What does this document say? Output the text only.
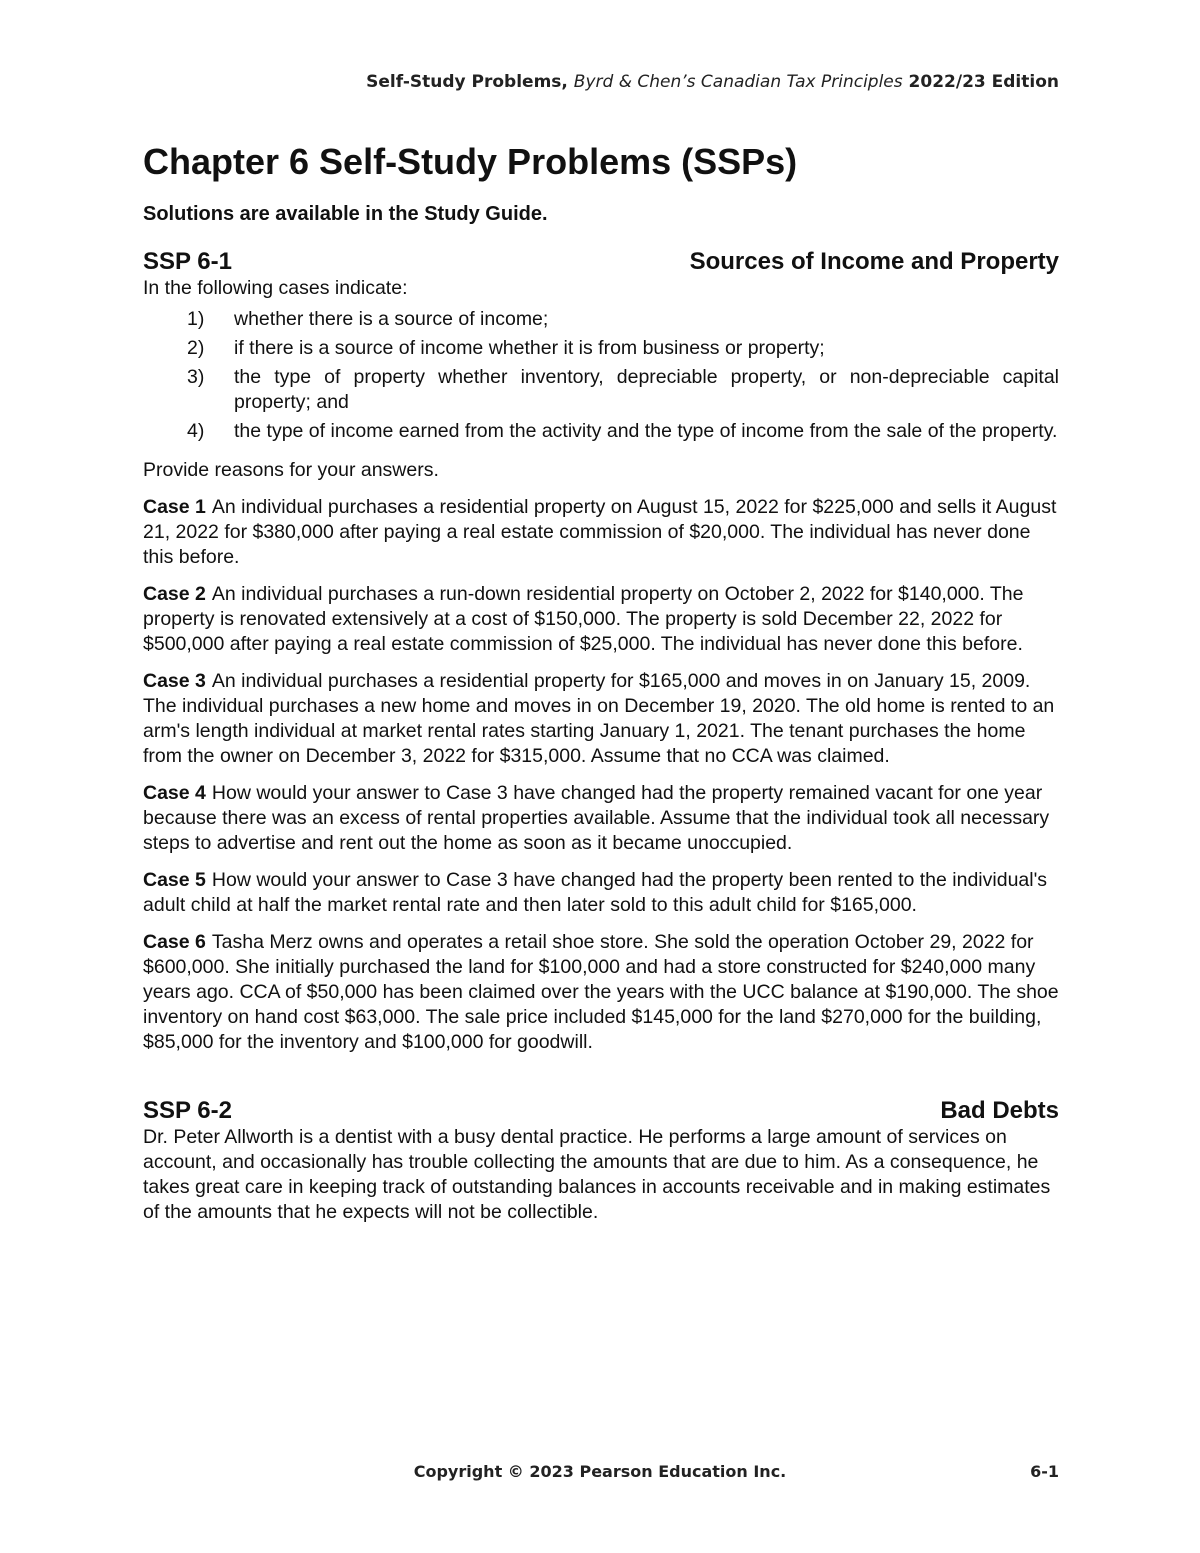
Self-Study Problems, Byrd & Chen’s Canadian Tax Principles 2022/23 Edition
Chapter 6 Self-Study Problems (SSPs)

Solutions are available in the Study Guide.

SSP 6-1	Sources of Income and Property

In the following cases indicate:

1)	whether there is a source of income;
2)	if there is a source of income whether it is from business or property;
3)	the type of property whether inventory, depreciable property, or non-depreciable capital property; and
4)	the type of income earned from the activity and the type of income from the sale of the property.

Provide reasons for your answers.

Case 1 An individual purchases a residential property on August 15, 2022 for $225,000 and sells it August 21, 2022 for $380,000 after paying a real estate commission of $20,000. The individual has never done this before.

Case 2 An individual purchases a run-down residential property on October 2, 2022 for $140,000. The property is renovated extensively at a cost of $150,000. The property is sold December 22, 2022 for $500,000 after paying a real estate commission of $25,000. The individual has never done this before.

Case 3 An individual purchases a residential property for $165,000 and moves in on January 15, 2009. The individual purchases a new home and moves in on December 19, 2020. The old home is rented to an arm's length individual at market rental rates starting January 1, 2021. The tenant purchases the home from the owner on December 3, 2022 for $315,000. Assume that no CCA was claimed.

Case 4 How would your answer to Case 3 have changed had the property remained vacant for one year because there was an excess of rental properties available. Assume that the individual took all necessary steps to advertise and rent out the home as soon as it became unoccupied.

Case 5 How would your answer to Case 3 have changed had the property been rented to the individual's adult child at half the market rental rate and then later sold to this adult child for $165,000.

Case 6 Tasha Merz owns and operates a retail shoe store. She sold the operation October 29, 2022 for $600,000. She initially purchased the land for $100,000 and had a store constructed for $240,000 many years ago. CCA of $50,000 has been claimed over the years with the UCC balance at $190,000. The shoe inventory on hand cost $63,000. The sale price included $145,000 for the land $270,000 for the building, $85,000 for the inventory and $100,000 for goodwill.

SSP 6-2	Bad Debts

Dr. Peter Allworth is a dentist with a busy dental practice. He performs a large amount of services on account, and occasionally has trouble collecting the amounts that are due to him. As a consequence, he takes great care in keeping track of outstanding balances in accounts receivable and in making estimates of the amounts that he expects will not be collectible.

Copyright © 2023 Pearson Education Inc.	6-1
